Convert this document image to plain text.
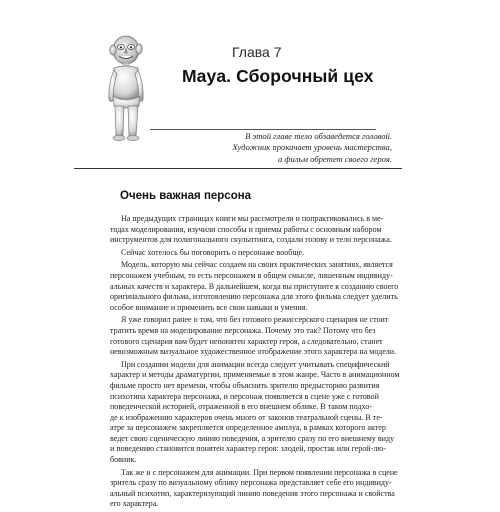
Глава 7
Maya. Сборочный цех
В этой главе тело обзаведется головой.
Художник прокачает уровень мастерства,
а фильм обретет своего героя.
Очень важная персона
На предыдущих страницах книги мы рассмотрели и попрактиковались в ме-
тодах моделирования, изучили способы и приемы работы с основным набором
инструментов для полигонального скульптинга, создали голову и тело персонажа.
Сейчас хотелось бы поговорить о персонаже вообще.
Модель, которую мы сейчас создаем на своих практических занятиях, является
персонажем учебным, то есть персонажем в общем смысле, лишенным индивиду-
альных качеств и характера. В дальнейшем, когда вы приступите к созданию своего
оригинального фильма, изготовлению персонажа для этого фильма следует уделить
особое внимание и применить все свои навыки и умения.
Я уже говорил ранее о том, что без готового режиссерского сценария не стоит
тратить время на моделирование персонажа. Почему это так? Потому что без
готового сценария вам будет непонятен характер героя, а следовательно, станет
невозможным визуальное художественное отображение этого характера на модели.
При создании модели для анимации всегда следует учитывать специфический
характер и методы драматургии, применяемые в этом жанре. Часто в анимационном
фильме просто нет времени, чтобы объяснить зрителю предысторию развития
психотипа характера персонажа, и персонаж появляется в сцене уже с готовой
поведенческой историей, отраженной в его внешнем облике. В таком подхо-
де к изображению характеров очень много от законов театральной сцены. В те-
атре за персонажем закрепляется определенное амплуа, в рамках которого актер
ведет свою сценическую линию поведения, а зрителю сразу по его внешнему виду
и поведению становится понятен характер героя: злодей, простак или герой-лю-
бовник.
Так же и с персонажем для анимации. При первом появлении персонажа в сцене
зритель сразу по визуальному облику персонажа представляет себе его индивиду-
альный психотип, характеризующий линию поведения этого персонажа и свойства
его характера.
